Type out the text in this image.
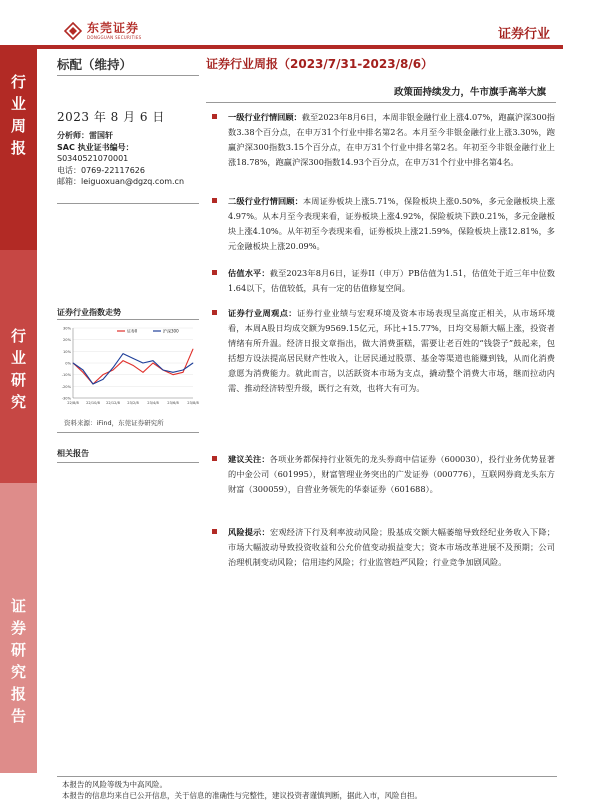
东莞证券
DONGGUAN SECURITIES	证券行业
行
业
周
报
行
业
研
究
证
券
研
究
报
告
标配（维持）
2023 年 8 月 6 日
分析师：雷国轩
SAC 执业证书编号：
S0340521070001
电话：0769-22117626
邮箱：leiguoxuan@dgzq.com.cn
证券行业指数走势
30%
20%
10%
0%
-10%
-20%
-30%
22/8/8 22/10/8 22/12/8 23/2/8 23/4/8 23/6/8 23/8/8
证券Ⅱ	沪深300
资料来源：iFind，东莞证券研究所
相关报告
证券行业周报（2023/7/31-2023/8/6）
政策面持续发力，牛市旗手高举大旗
一级行业行情回顾：截至2023年8月6日，本周非银金融行业上涨4.07%，跑赢沪深300指数3.38个百分点，在申万31个行业中排名第2名。本月至今非银金融行业上涨3.30%，跑赢沪深300指数3.15个百分点，在申万31个行业中排名第2名。年初至今非银金融行业上涨18.78%，跑赢沪深300指数14.93个百分点，在申万31个行业中排名第4名。
二级行业行情回顾：本周证券板块上涨5.71%，保险板块上涨0.50%，多元金融板块上涨4.97%。从本月至今表现来看，证券板块上涨4.92%，保险板块下跌0.21%，多元金融板块上涨4.10%。从年初至今表现来看，证券板块上涨21.59%，保险板块上涨12.81%，多元金融板块上涨20.09%。
估值水平：截至2023年8月6日，证券II（申万）PB估值为1.51，估值处于近三年中位数1.64以下，估值较低，具有一定的估值修复空间。
证券行业周观点：证券行业业绩与宏观环境及资本市场表现呈高度正相关，从市场环境看，本周A股日均成交额为9569.15亿元，环比+15.77%，日均交易额大幅上涨，投资者情绪有所升温。经济日报文章指出，做大消费蛋糕，需要让老百姓的“钱袋子”鼓起来，包括想方设法提高居民财产性收入，让居民通过股票、基金等渠道也能赚到钱，从而化消费意愿为消费能力。就此而言，以活跃资本市场为支点，撬动整个消费大市场，继而拉动内需、推动经济转型升级，既行之有效，也将大有可为。
建议关注：各项业务都保持行业领先的龙头券商中信证券（600030），投行业务优势显著的中金公司（601995），财富管理业务突出的广发证券（000776），互联网券商龙头东方财富（300059），自营业务领先的华泰证券（601688）。
风险提示：宏观经济下行及利率波动风险；股基成交额大幅萎缩导致经纪业务收入下降；市场大幅波动导致投资收益和公允价值变动损益变大；资本市场改革进展不及预期；公司治理机制变动风险；信用违约风险；行业监管趋严风险；行业竞争加剧风险。
本报告的风险等级为中高风险。
本报告的信息均来自已公开信息，关于信息的准确性与完整性，建议投资者谨慎判断，据此入市，风险自担。
